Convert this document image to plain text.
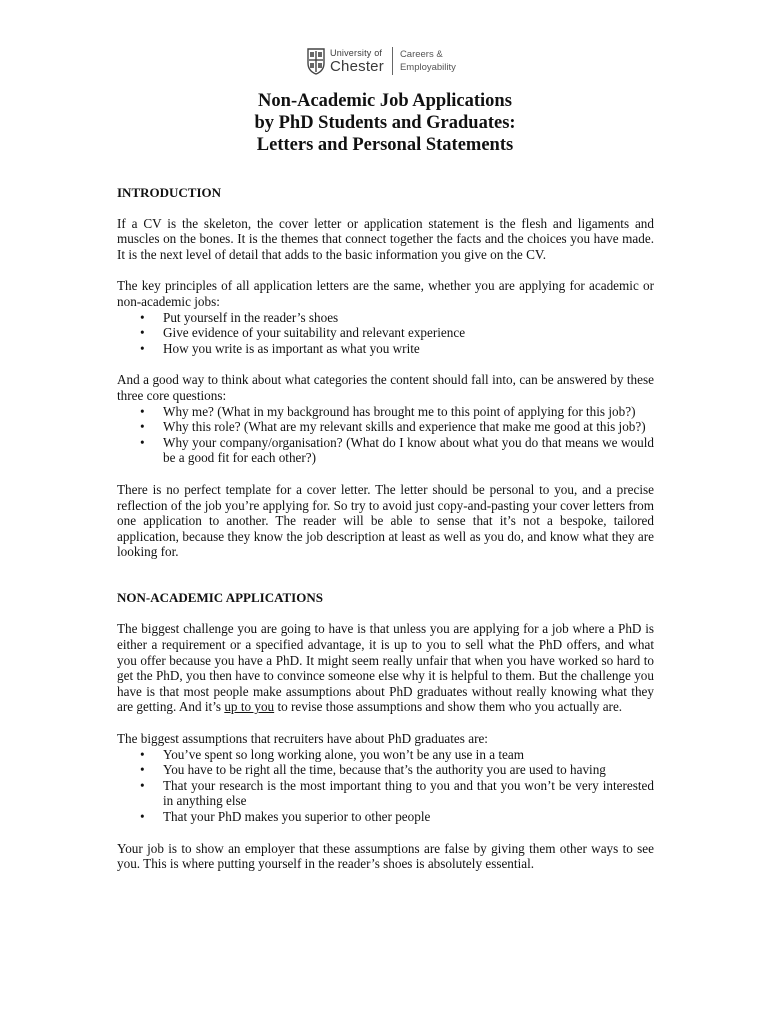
University of
Chester
Careers &
Employability
Non-Academic Job Applications
by PhD Students and Graduates:
Letters and Personal Statements
INTRODUCTION

If a CV is the skeleton, the cover letter or application statement is the flesh and ligaments and muscles on the bones. It is the themes that connect together the facts and the choices you have made. It is the next level of detail that adds to the basic information you give on the CV.

The key principles of all application letters are the same, whether you are applying for academic or non-academic jobs:

• Put yourself in the reader’s shoes
• Give evidence of your suitability and relevant experience
• How you write is as important as what you write

And a good way to think about what categories the content should fall into, can be answered by these three core questions:

• Why me? (What in my background has brought me to this point of applying for this job?)
• Why this role? (What are my relevant skills and experience that make me good at this job?)
• Why your company/organisation? (What do I know about what you do that means we would be a good fit for each other?)

There is no perfect template for a cover letter. The letter should be personal to you, and a precise reflection of the job you’re applying for. So try to avoid just copy-and-pasting your cover letters from one application to another. The reader will be able to sense that it’s not a bespoke, tailored application, because they know the job description at least as well as you do, and know what they are looking for.

NON-ACADEMIC APPLICATIONS

The biggest challenge you are going to have is that unless you are applying for a job where a PhD is either a requirement or a specified advantage, it is up to you to sell what the PhD offers, and what you offer because you have a PhD. It might seem really unfair that when you have worked so hard to get the PhD, you then have to convince someone else why it is helpful to them. But the challenge you have is that most people make assumptions about PhD graduates without really knowing what they are getting. And it’s up to you to revise those assumptions and show them who you actually are.

The biggest assumptions that recruiters have about PhD graduates are:

• You’ve spent so long working alone, you won’t be any use in a team
• You have to be right all the time, because that’s the authority you are used to having
• That your research is the most important thing to you and that you won’t be very interested in anything else
• That your PhD makes you superior to other people

Your job is to show an employer that these assumptions are false by giving them other ways to see you. This is where putting yourself in the reader’s shoes is absolutely essential.
